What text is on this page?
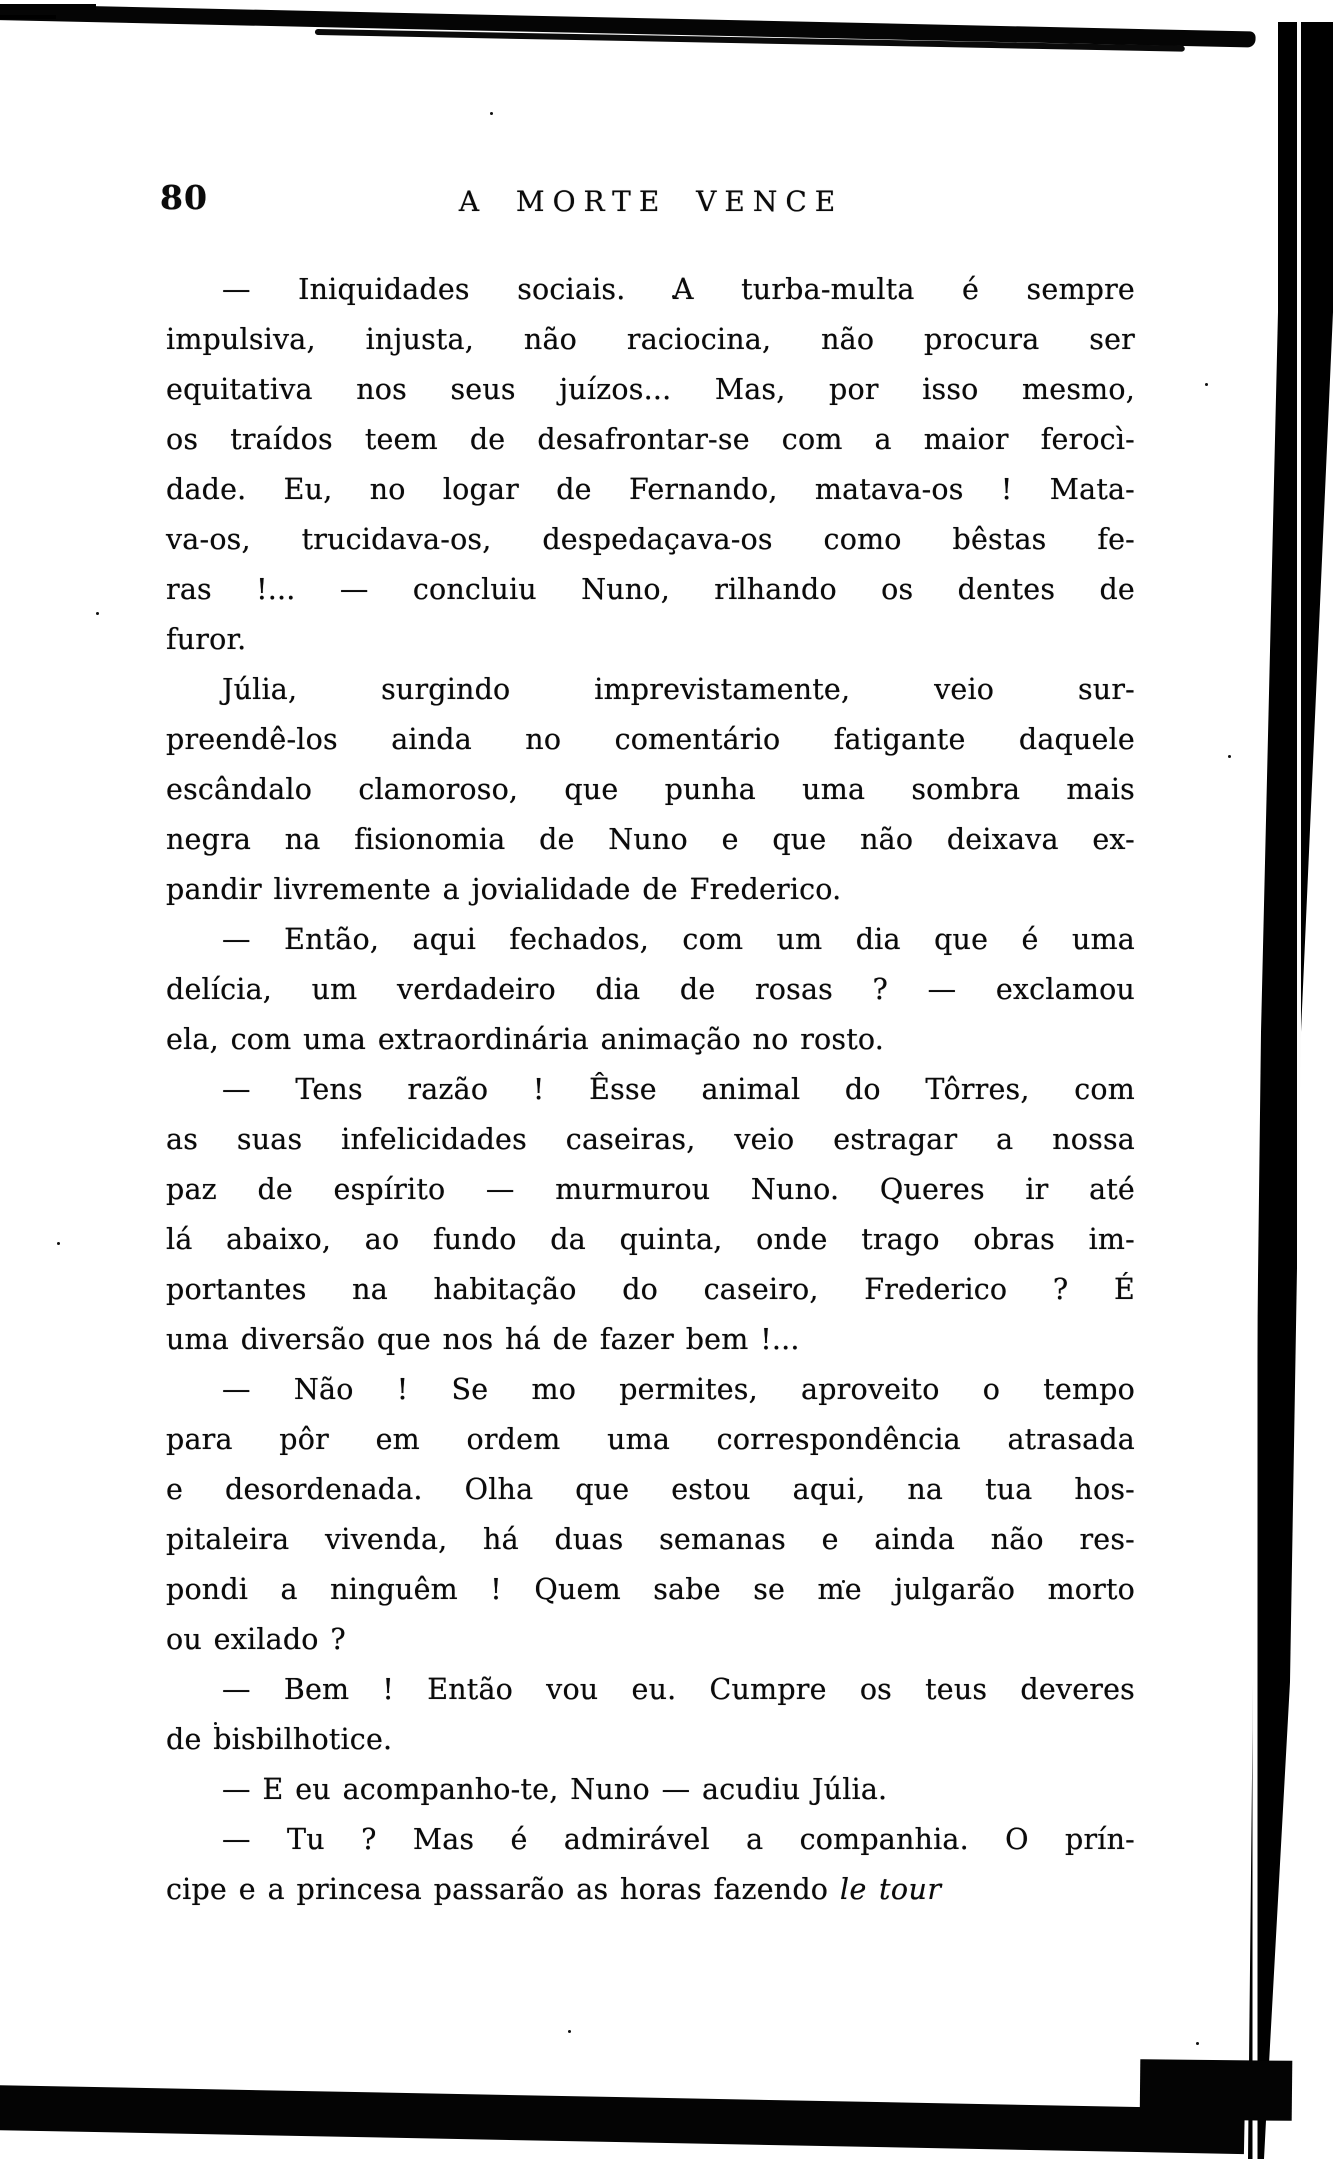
80	A MORTE VENCE
— Iniquidades sociais. A turba-multa é sempre
impulsiva, injusta, não raciocina, não procura ser
equitativa nos seus juízos... Mas, por isso mesmo,
os traídos teem de desafrontar-se com a maior ferocì-
dade. Eu, no logar de Fernando, matava-os ! Mata-
va-os, trucidava-os, despedaçava-os como bêstas fe-
ras !... — concluiu Nuno, rilhando os dentes de
furor.
Júlia, surgindo imprevistamente, veio sur-
preendê-los ainda no comentário fatigante daquele
escândalo clamoroso, que punha uma sombra mais
negra na fisionomia de Nuno e que não deixava ex-
pandir livremente a jovialidade de Frederico.
— Então, aqui fechados, com um dia que é uma
delícia, um verdadeiro dia de rosas ? — exclamou
ela, com uma extraordinária animação no rosto.
— Tens razão ! Êsse animal do Tôrres, com
as suas infelicidades caseiras, veio estragar a nossa
paz de espírito — murmurou Nuno. Queres ir até
lá abaixo, ao fundo da quinta, onde trago obras im-
portantes na habitação do caseiro, Frederico ? É
uma diversão que nos há de fazer bem !...
— Não ! Se mo permites, aproveito o tempo
para pôr em ordem uma correspondência atrasada
e desordenada. Olha que estou aqui, na tua hos-
pitaleira vivenda, há duas semanas e ainda não res-
pondi a ninguêm ! Quem sabe se me julgarão morto
ou exilado ?
— Bem ! Então vou eu. Cumpre os teus deveres
de bisbilhotice.
— E eu acompanho-te, Nuno — acudiu Júlia.
— Tu ? Mas é admirável a companhia. O prín-
cipe e a princesa passarão as horas fazendo le tour
